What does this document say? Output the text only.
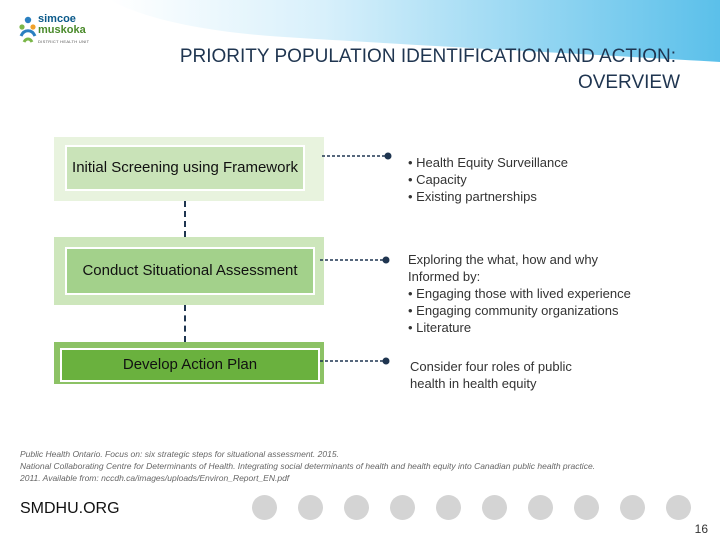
simcoe
muskoka
DISTRICT HEALTH UNIT
PRIORITY POPULATION IDENTIFICATION AND ACTION:
OVERVIEW
Initial Screening using Framework
Conduct Situational Assessment
Develop Action Plan
• Health Equity Surveillance
• Capacity
• Existing partnerships
Exploring the what, how and why
Informed by:
• Engaging those with lived experience
• Engaging community organizations
• Literature
Consider four roles of public
health in health equity
Public Health Ontario. Focus on: six strategic steps for situational assessment. 2015.
National Collaborating Centre for Determinants of Health. Integrating social determinants of health and health equity into Canadian public health practice.
2011. Available from: nccdh.ca/images/uploads/Environ_Report_EN.pdf
SMDHU.ORG
16
